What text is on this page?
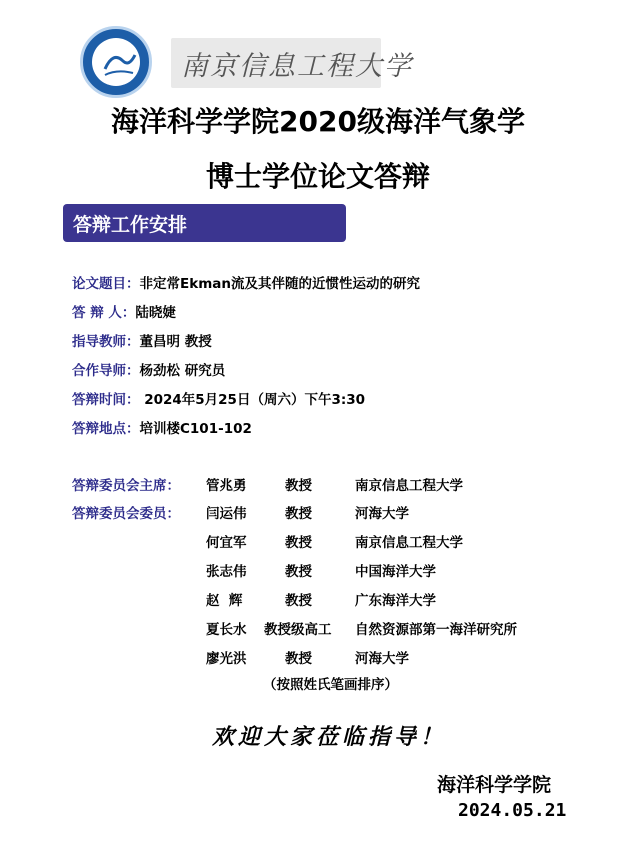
南京信息工程大学
海洋科学学院2020级海洋气象学
博士学位论文答辩
答辩工作安排
论文题目：非定常Ekman流及其伴随的近惯性运动的研究
答 辩 人：陆晓婕
指导教师：董昌明 教授
合作导师：杨劲松 研究员
答辩时间： 2024年5月25日（周六）下午3:30
答辩地点：培训楼C101-102
答辩委员会主席： 管兆勇	教授	南京信息工程大学
答辩委员会委员： 闫运伟	教授	河海大学
何宜军	教授	南京信息工程大学
张志伟	教授	中国海洋大学
赵  辉	教授	广东海洋大学
夏长水 教授级高工 自然资源部第一海洋研究所
廖光洪	教授	河海大学
（按照姓氏笔画排序）
欢迎大家莅临指导！
海洋科学学院
2024.05.21
